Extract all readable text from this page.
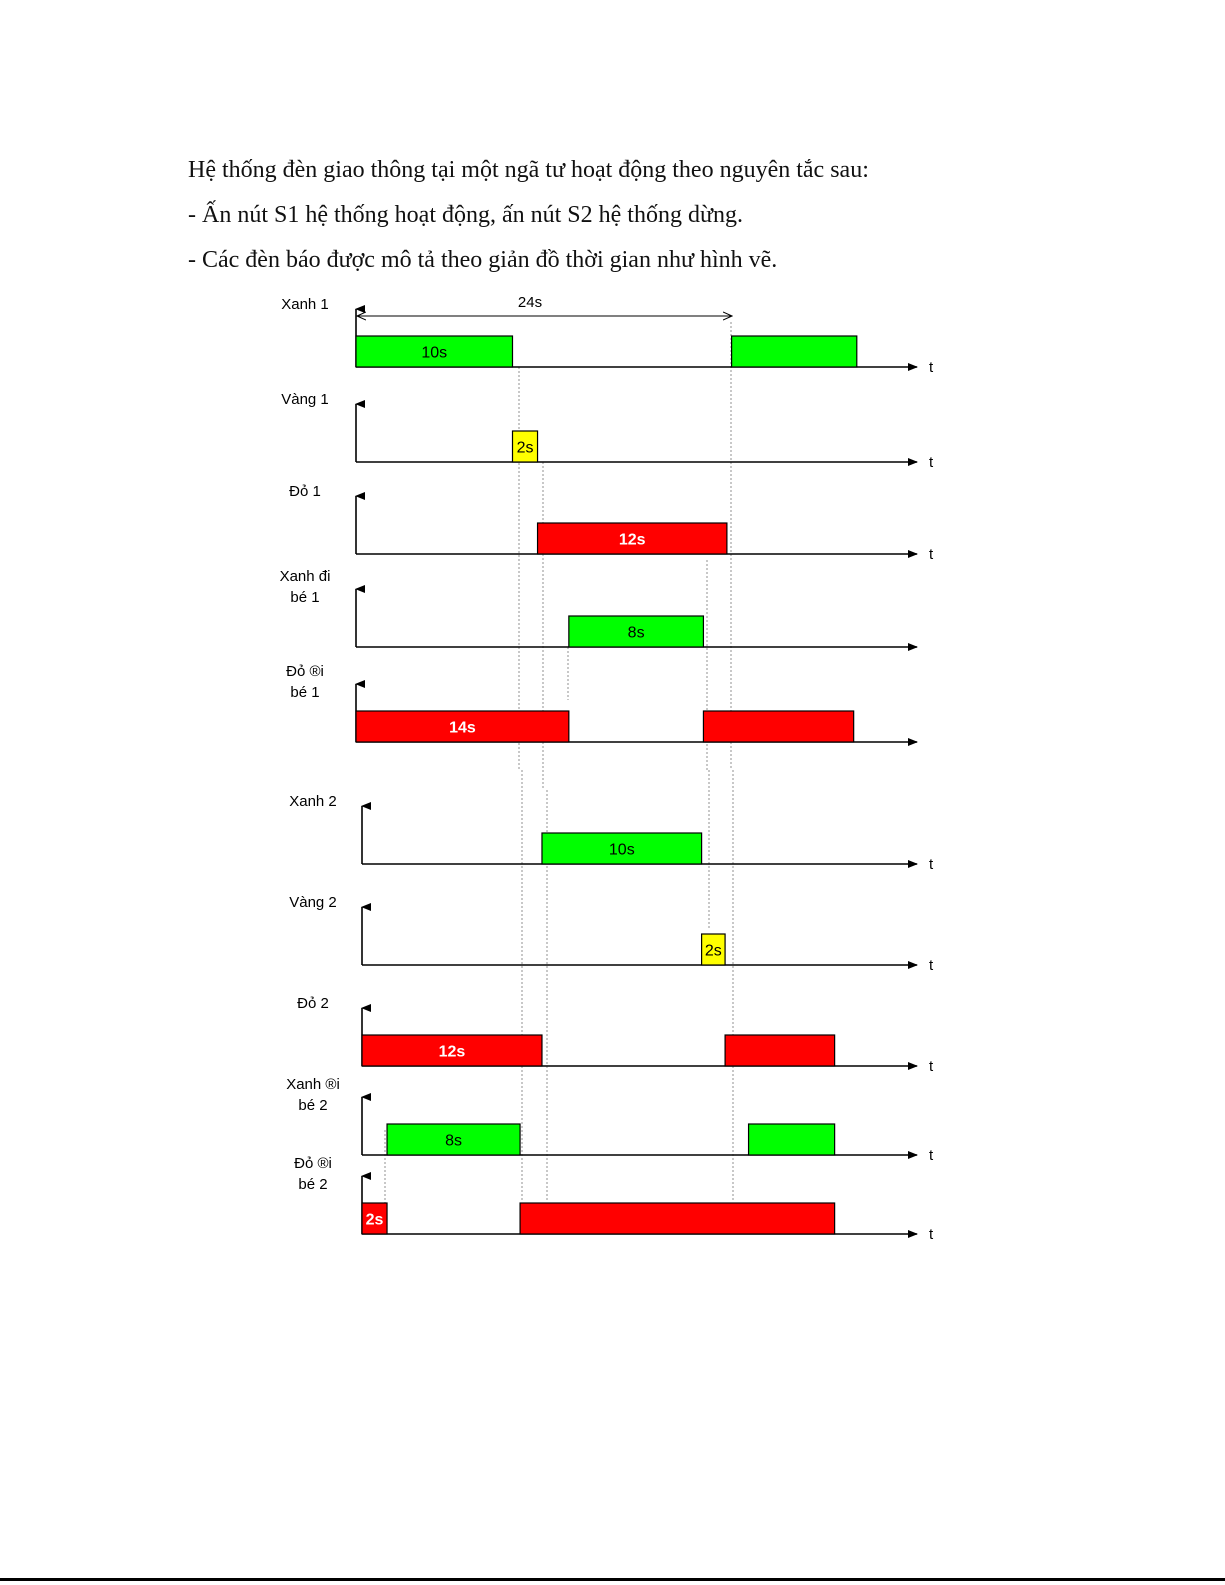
Hệ thống đèn giao thông tại một ngã tư hoạt động theo nguyên tắc sau:

- Ấn nút S1 hệ thống hoạt động, ấn nút S2 hệ thống dừng.

- Các đèn báo được mô tả theo giản đồ thời gian như hình vẽ.

Xanh 1
t
10s
Vàng 1
t
2s
Đỏ 1
t
12s
Xanh đi bé 1
8s
Đỏ ®i bé 1
14s
Xanh 2
t
10s
Vàng 2
t
2s
Đỏ 2
t
12s
Xanh ®i bé 2
t
8s
Đỏ ®i bé 2
t
2s
24s
